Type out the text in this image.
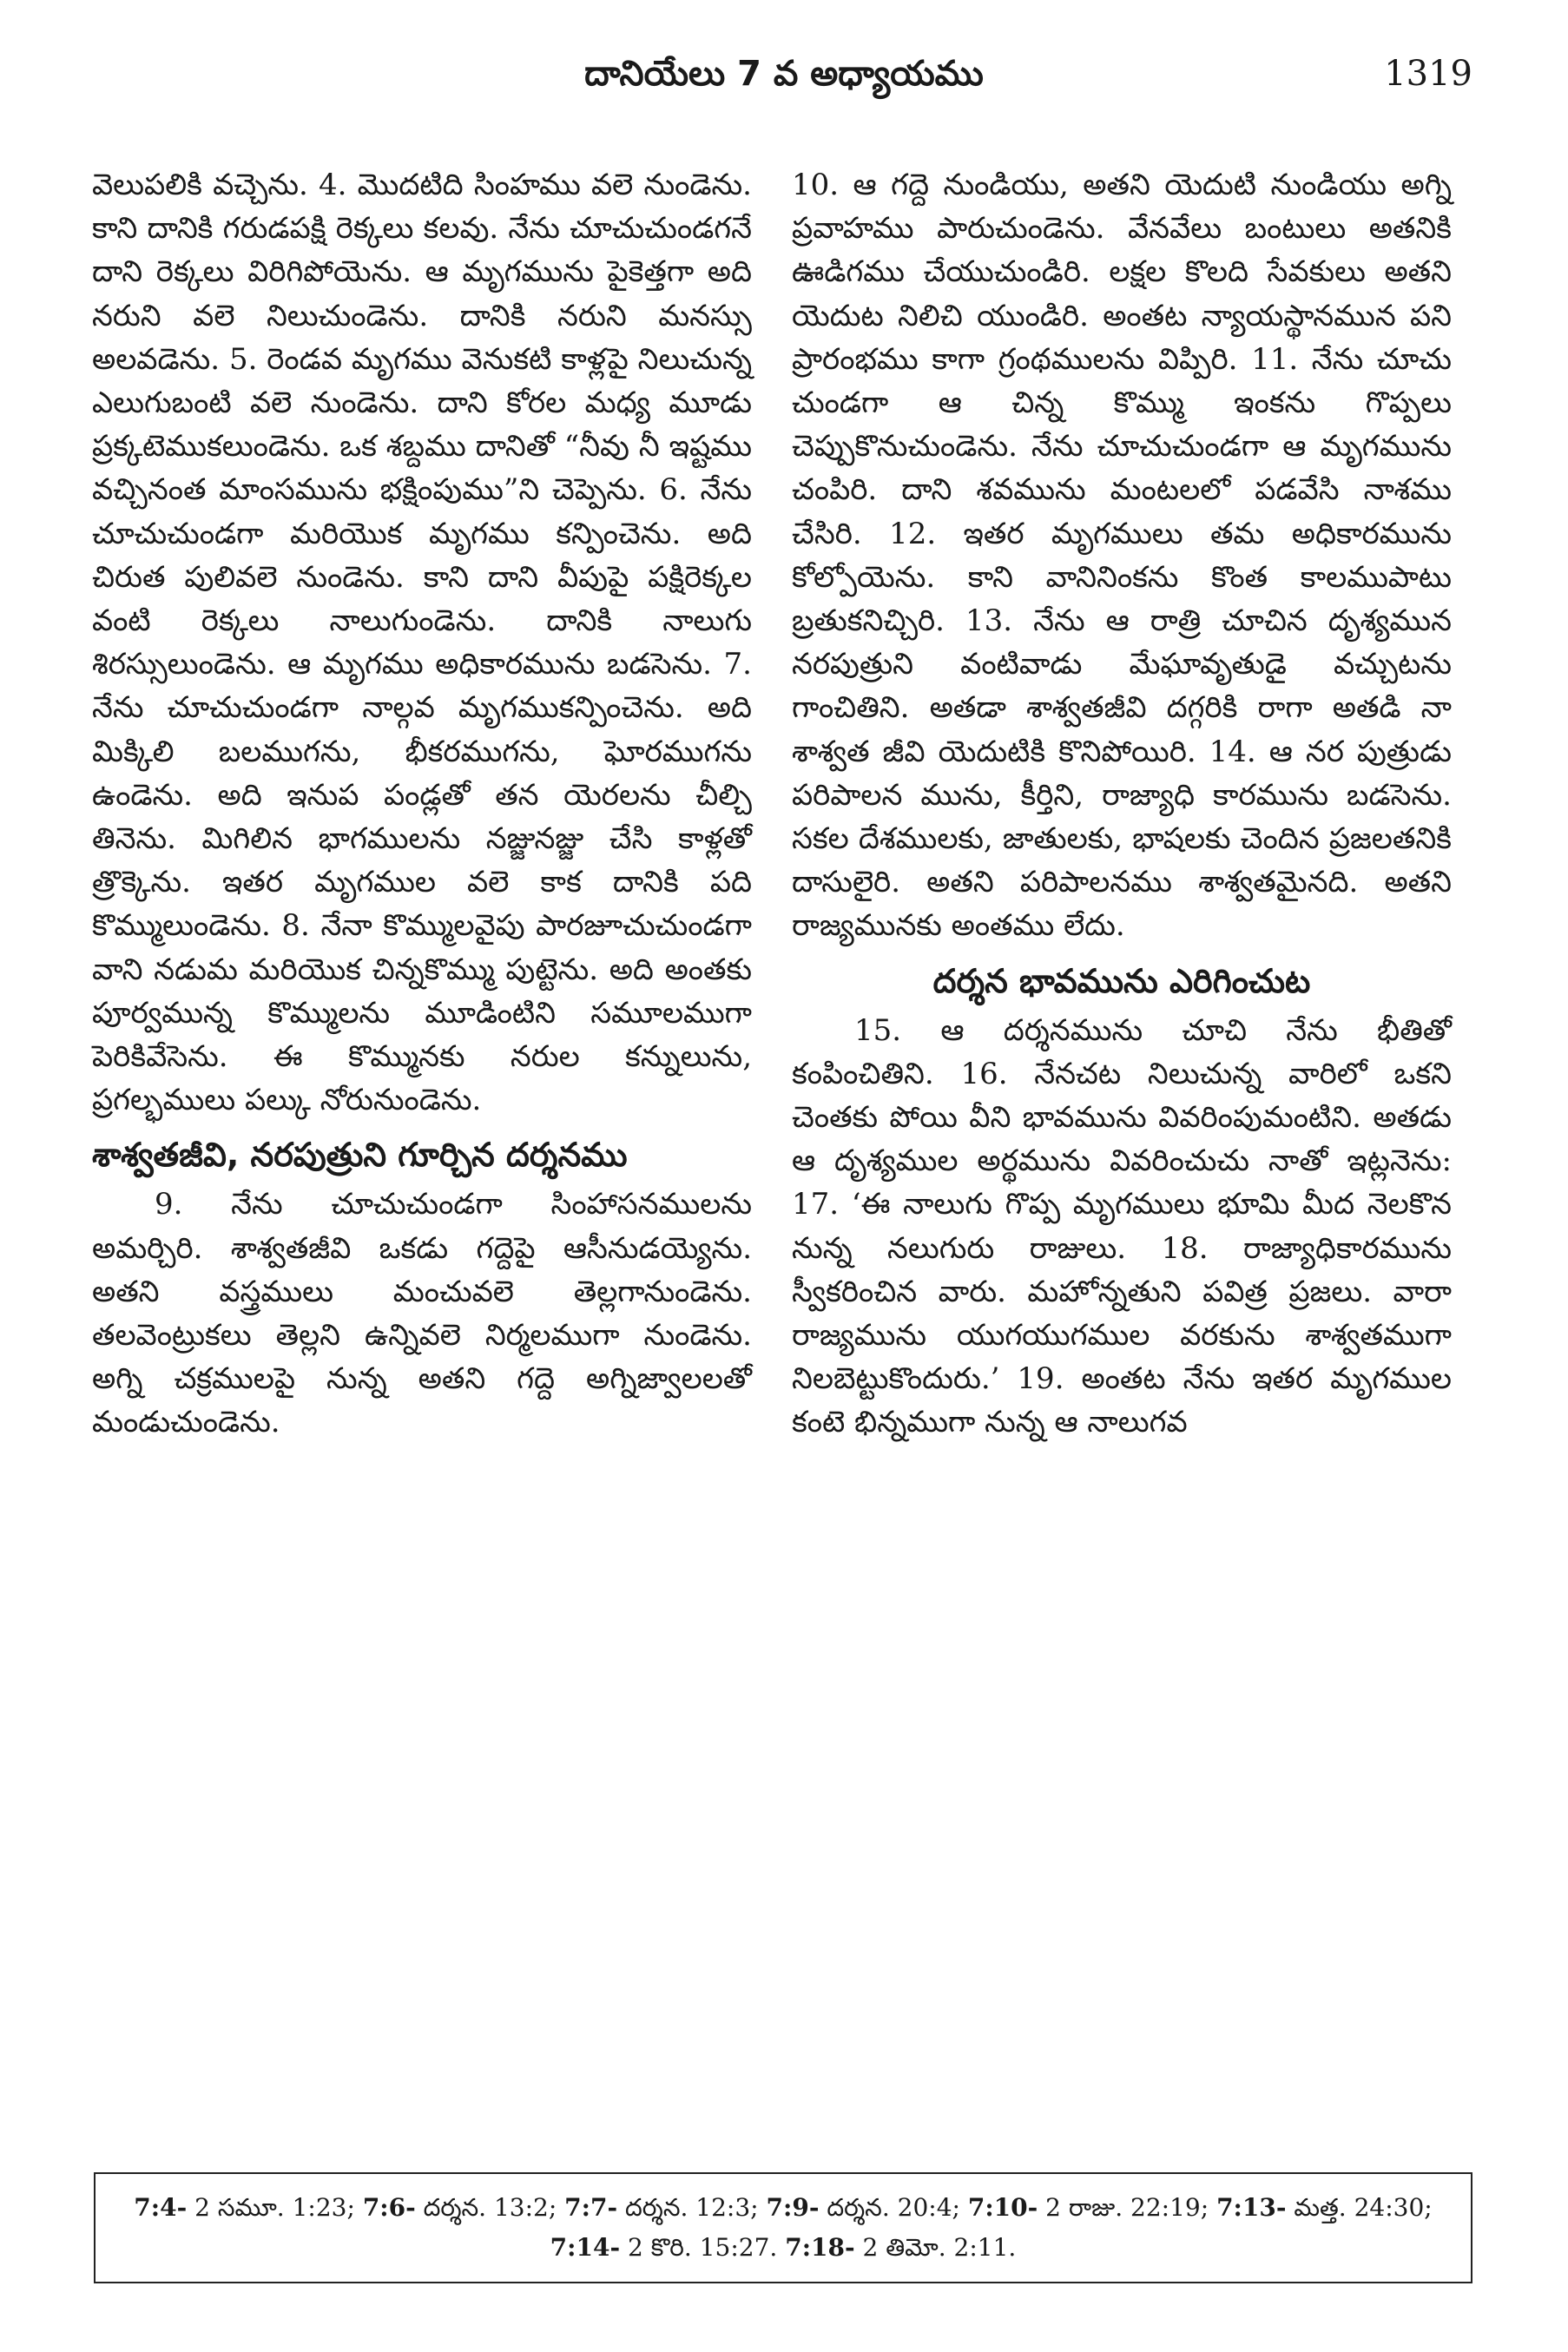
దానియేలు 7 వ అధ్యాయము	1319

వెలుపలికి వచ్చెను. 4. మొదటిది సింహము వలె నుండెను. కాని దానికి గరుడపక్షి రెక్కలు కలవు. నేను చూచుచుండగనే దాని రెక్కలు విరిగిపోయెను. ఆ మృగమును పైకెత్తగా అది నరుని వలె నిలుచుండెను. దానికి నరుని మనస్సు అలవడెను. 5. రెండవ మృగము వెనుకటి కాళ్లపై నిలుచున్న ఎలుగుబంటి వలె నుండెను. దాని కోరల మధ్య మూడు ప్రక్కటెముకలుండెను. ఒక శబ్దము దానితో “నీవు నీ ఇష్టము వచ్చినంత మాంసమును భక్షింపుము”ని చెప్పెను. 6. నేను చూచుచుండగా మరియొక మృగము కన్పించెను. అది చిరుత పులివలె నుండెను. కాని దాని వీపుపై పక్షిరెక్కల వంటి రెక్కలు నాలుగుండెను. దానికి నాలుగు శిరస్సులుండెను. ఆ మృగము అధికారమును బడసెను. 7. నేను చూచుచుండగా నాల్గవ మృగముకన్పించెను. అది మిక్కిలి బలముగను, భీకరముగను, ఘోరముగను ఉండెను. అది ఇనుప పండ్లతో తన యెరలను చీల్చి తినెను. మిగిలిన భాగములను నజ్జునజ్జు చేసి కాళ్లతో త్రొక్కెను. ఇతర మృగముల వలె కాక దానికి పది కొమ్ములుండెను. 8. నేనా కొమ్ములవైపు పారజూచుచుండగా వాని నడుమ మరియొక చిన్నకొమ్ము పుట్టెను. అది అంతకు పూర్వమున్న కొమ్ములను మూడింటిని సమూలముగా పెరికివేసెను. ఈ కొమ్మునకు నరుల కన్నులును, ప్రగల్భములు పల్కు నోరునుండెను.

శాశ్వతజీవి, నరపుత్రుని గూర్చిన దర్శనము

9. నేను చూచుచుండగా సింహాసనములను అమర్చిరి. శాశ్వతజీవి ఒకడు గద్దెపై ఆసీనుడయ్యెను. అతని వస్త్రములు మంచువలె తెల్లగానుండెను. తలవెంట్రుకలు తెల్లని ఉన్నివలె నిర్మలముగా నుండెను. అగ్ని చక్రములపై నున్న అతని గద్దె అగ్నిజ్వాలలతో మండుచుండెను.

10. ఆ గద్దె నుండియు, అతని యెదుటి నుండియు అగ్ని ప్రవాహము పారుచుండెను. వేనవేలు బంటులు అతనికి ఊడిగము చేయుచుండిరి. లక్షల కొలది సేవకులు అతని యెదుట నిలిచి యుండిరి. అంతట న్యాయస్థానమున పని ప్రారంభము కాగా గ్రంథములను విప్పిరి. 11. నేను చూచు చుండగా ఆ చిన్న కొమ్ము ఇంకను గొప్పలు చెప్పుకొనుచుండెను. నేను చూచుచుండగా ఆ మృగమును చంపిరి. దాని శవమును మంటలలో పడవేసి నాశము చేసిరి. 12. ఇతర మృగములు తమ అధికారమును కోల్పోయెను. కాని వానినింకను కొంత కాలముపాటు బ్రతుకనిచ్చిరి. 13. నేను ఆ రాత్రి చూచిన దృశ్యమున నరపుత్రుని వంటివాడు మేఘావృతుడై వచ్చుటను గాంచితిని. అతడా శాశ్వతజీవి దగ్గరికి రాగా అతడి నా శాశ్వత జీవి యెదుటికి కొనిపోయిరి. 14. ఆ నర పుత్రుడు పరిపాలన మును, కీర్తిని, రాజ్యాధి కారమును బడసెను. సకల దేశములకు, జాతులకు, భాషలకు చెందిన ప్రజలతనికి దాసులైరి. అతని పరిపాలనము శాశ్వతమైనది. అతని రాజ్యమునకు అంతము లేదు.

దర్శన భావమును ఎరిగించుట

15. ఆ దర్శనమును చూచి నేను భీతితో కంపించితిని. 16. నేనచట నిలుచున్న వారిలో ఒకని చెంతకు పోయి వీని భావమును వివరింపుమంటిని. అతడు ఆ దృశ్యముల అర్థమును వివరించుచు నాతో ఇట్లనెను: 17. ‘ఈ నాలుగు గొప్ప మృగములు భూమి మీద నెలకొన నున్న నలుగురు రాజులు. 18. రాజ్యాధికారమును స్వీకరించిన వారు. మహోన్నతుని పవిత్ర ప్రజలు. వారా రాజ్యమును యుగయుగముల వరకును శాశ్వతముగా నిలబెట్టుకొందురు.’ 19. అంతట నేను ఇతర మృగముల కంటె భిన్నముగా నున్న ఆ నాలుగవ

7:4- 2 సమూ. 1:23; 7:6- దర్శన. 13:2; 7:7- దర్శన. 12:3; 7:9- దర్శన. 20:4; 7:10- 2 రాజు. 22:19; 7:13- మత్త. 24:30; 7:14- 2 కొరి. 15:27. 7:18- 2 తిమో. 2:11.
